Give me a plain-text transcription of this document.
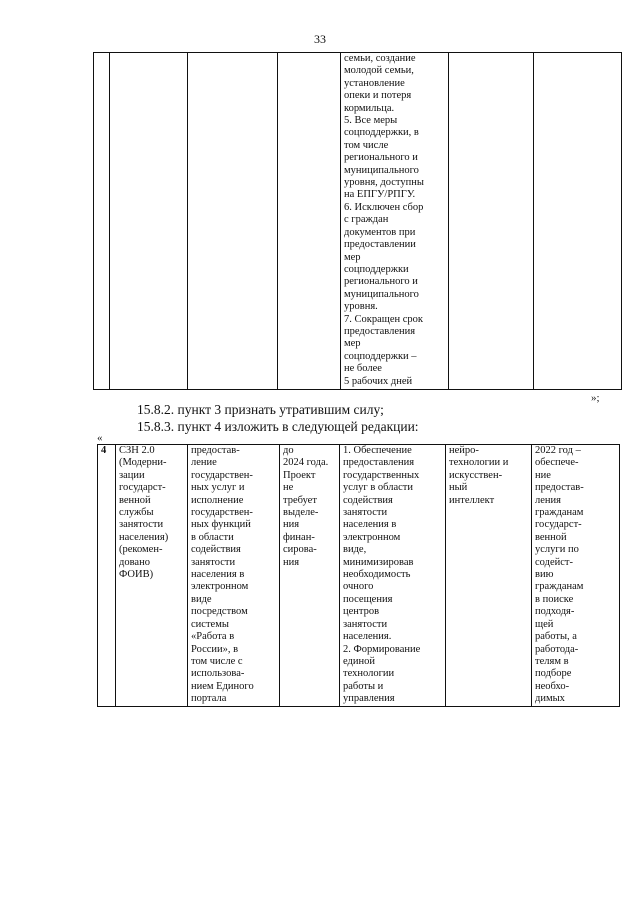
33
				семьи, создание
молодой семьи,
установление
опеки и потеря
кормильца.
5. Все меры
соцподдержки, в
том числе
регионального и
муниципального
уровня, доступны
на ЕПГУ/РПГУ.
6. Исключен сбор
с граждан
документов при
предоставлении
мер
соцподдержки
регионального и
муниципального
уровня.
7. Сокращен срок
предоставления
мер
соцподдержки –
не более
5 рабочих дней		
»;
15.8.2. пункт 3 признать утратившим силу;
15.8.3. пункт 4 изложить в следующей редакции:
«
4	СЗН 2.0
(Модерни-
зации
государст-
венной
службы
занятости
населения)
(рекомен-
довано
ФОИВ)	предостав-
ление
государствен-
ных услуг и
исполнение
государствен-
ных функций
в области
содействия
занятости
населения в
электронном
виде
посредством
системы
«Работа в
России», в
том числе с
использова-
нием Единого
портала	до
2024 года.
Проект
не
требует
выделе-
ния
финан-
сирова-
ния	1. Обеспечение
предоставления
государственных
услуг в области
содействия
занятости
населения в
электронном
виде,
минимизировав
необходимость
очного
посещения
центров
занятости
населения.
2. Формирование
единой
технологии
работы и
управления	нейро-
технологии и
искусствен-
ный
интеллект	2022 год –
обеспече-
ние
предостав-
ления
гражданам
государст-
венной
услуги по
содейст-
вию
гражданам
в поиске
подходя-
щей
работы, а
работода-
телям в
подборе
необхо-
димых
